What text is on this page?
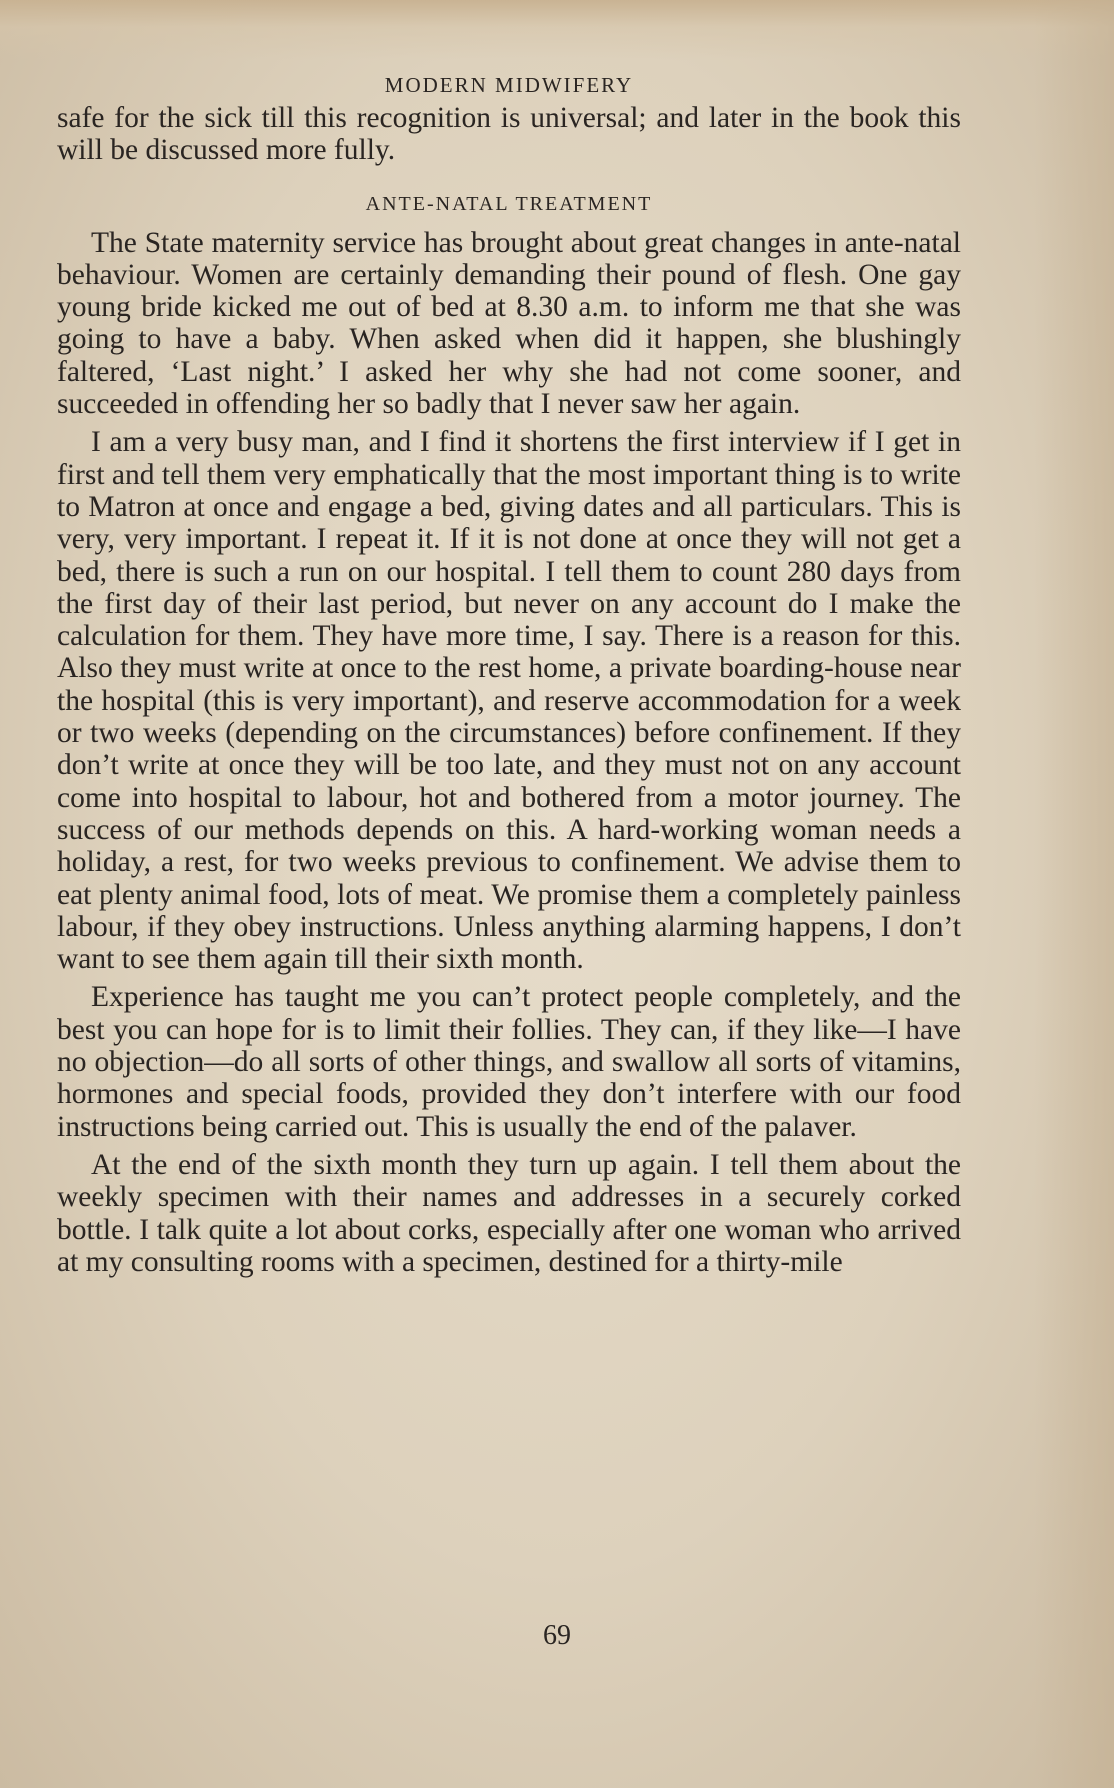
MODERN MIDWIFERY

safe for the sick till this recognition is universal; and later in the book this will be discussed more fully.

ANTE-NATAL TREATMENT

The State maternity service has brought about great changes in ante-natal behaviour. Women are certainly demanding their pound of flesh. One gay young bride kicked me out of bed at 8.30 a.m. to inform me that she was going to have a baby. When asked when did it happen, she blushingly faltered, ‘Last night.’ I asked her why she had not come sooner, and succeeded in offending her so badly that I never saw her again.

I am a very busy man, and I find it shortens the first interview if I get in first and tell them very emphatically that the most important thing is to write to Matron at once and engage a bed, giving dates and all particulars. This is very, very important. I repeat it. If it is not done at once they will not get a bed, there is such a run on our hospital. I tell them to count 280 days from the first day of their last period, but never on any account do I make the calculation for them. They have more time, I say. There is a reason for this. Also they must write at once to the rest home, a private boarding-house near the hospital (this is very important), and reserve accommodation for a week or two weeks (depending on the circumstances) before confinement. If they don’t write at once they will be too late, and they must not on any account come into hospital to labour, hot and bothered from a motor journey. The success of our methods depends on this. A hard-working woman needs a holiday, a rest, for two weeks previous to confinement. We advise them to eat plenty animal food, lots of meat. We promise them a completely painless labour, if they obey instructions. Unless anything alarming happens, I don’t want to see them again till their sixth month.

Experience has taught me you can’t protect people completely, and the best you can hope for is to limit their follies. They can, if they like—I have no objection—do all sorts of other things, and swallow all sorts of vitamins, hormones and special foods, provided they don’t interfere with our food instructions being carried out. This is usually the end of the palaver.

At the end of the sixth month they turn up again. I tell them about the weekly specimen with their names and addresses in a securely corked bottle. I talk quite a lot about corks, especially after one woman who arrived at my consulting rooms with a specimen, destined for a thirty-mile

69
